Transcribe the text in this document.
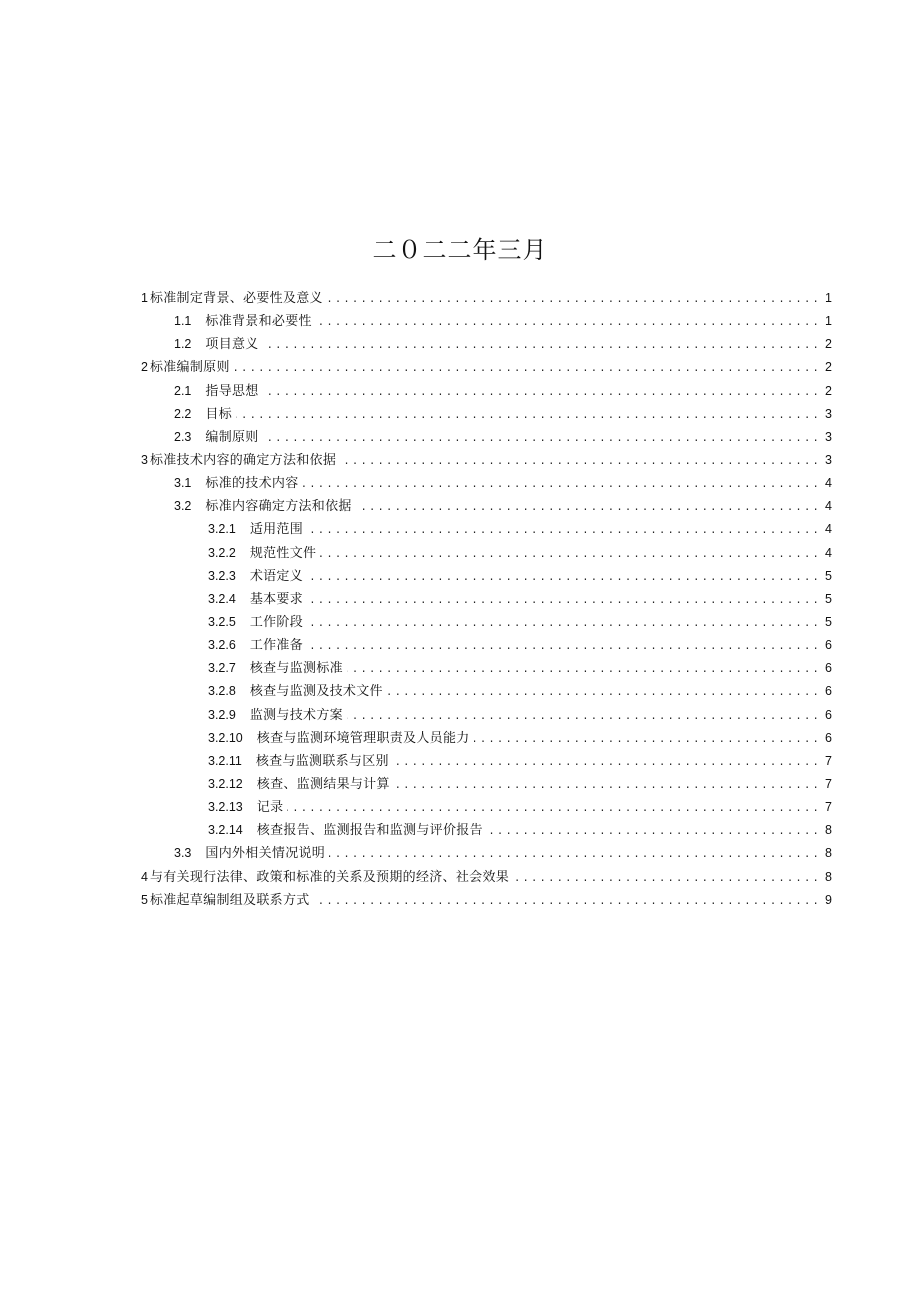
二０二二年三月
1 标准制定背景、必要性及意义 . . .	1
1.1 标准背景和必要性 . . .	1
1.2 项目意义 . . .	2
2 标准编制原则 . . .	2
2.1 指导思想 . . .	2
2.2 目标 . . .	3
2.3 编制原则 . . .	3
3 标准技术内容的确定方法和依据 . . .	3
3.1 标准的技术内容 . . .	4
3.2 标准内容确定方法和依据 . . .	4
3.2.1 适用范围 . . .	4
3.2.2 规范性文件 . . .	4
3.2.3 术语定义 . . .	5
3.2.4 基本要求 . . .	5
3.2.5 工作阶段 . . .	5
3.2.6 工作准备 . . .	6
3.2.7 核查与监测标准 . . .	6
3.2.8 核查与监测及技术文件 . . .	6
3.2.9 监测与技术方案 . . .	6
3.2.10 核查与监测环境管理职责及人员能力 . . .	6
3.2.11 核查与监测联系与区别 . . .	7
3.2.12 核查、监测结果与计算 . . .	7
3.2.13 记录 . . .	7
3.2.14 核查报告、监测报告和监测与评价报告 . . .	8
3.3 国内外相关情况说明 . . .	8
4 与有关现行法律、政策和标准的关系及预期的经济、社会效果 . . .	8
5 标准起草编制组及联系方式 . . .	9
